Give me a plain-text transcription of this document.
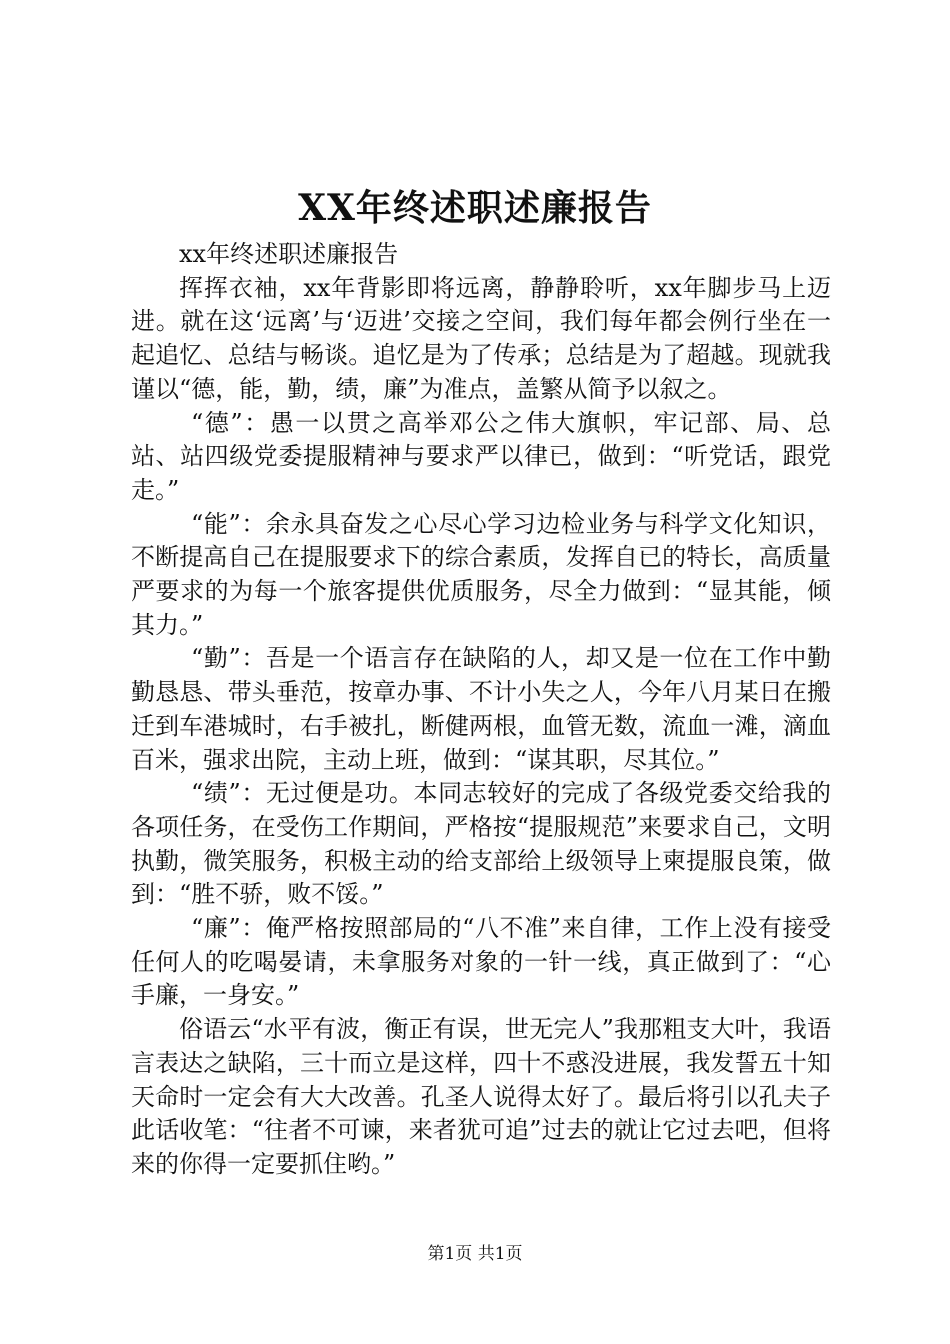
XX年终述职述廉报告

xx年终述职述廉报告

挥挥衣袖，xx年背影即将远离，静静聆听，xx年脚步马上迈进。就在这‘远离’与‘迈进’交接之空间，我们每年都会例行坐在一起追忆、总结与畅谈。追忆是为了传承；总结是为了超越。现就我谨以“德，能，勤，绩，廉”为准点，盖繁从简予以叙之。

“德”：愚一以贯之高举邓公之伟大旗帜，牢记部、局、总站、站四级党委提服精神与要求严以律已，做到：“听党话，跟党走。”

“能”：余永具奋发之心尽心学习边检业务与科学文化知识，不断提高自己在提服要求下的综合素质，发挥自已的特长，高质量严要求的为每一个旅客提供优质服务，尽全力做到：“显其能，倾其力。”

“勤”：吾是一个语言存在缺陷的人，却又是一位在工作中勤勤恳恳、带头垂范，按章办事、不计小失之人，今年八月某日在搬迁到车港城时，右手被扎，断健两根，血管无数，流血一滩，滴血百米，强求出院，主动上班，做到：“谋其职，尽其位。”

“绩”：无过便是功。本同志较好的完成了各级党委交给我的各项任务，在受伤工作期间，严格按“提服规范”来要求自己，文明执勤，微笑服务，积极主动的给支部给上级领导上柬提服良策，做到：“胜不骄，败不馁。”

“廉”：俺严格按照部局的“八不准”来自律，工作上没有接受任何人的吃喝晏请，未拿服务对象的一针一线，真正做到了：“心手廉，一身安。”

俗语云“水平有波，衡正有误，世无完人”我那粗支大叶，我语言表达之缺陷，三十而立是这样，四十不惑没进展，我发誓五十知天命时一定会有大大改善。孔圣人说得太好了。最后将引以孔夫子此话收笔：“往者不可谏，来者犹可追”过去的就让它过去吧，但将来的你得一定要抓住哟。”

第1页 共1页
